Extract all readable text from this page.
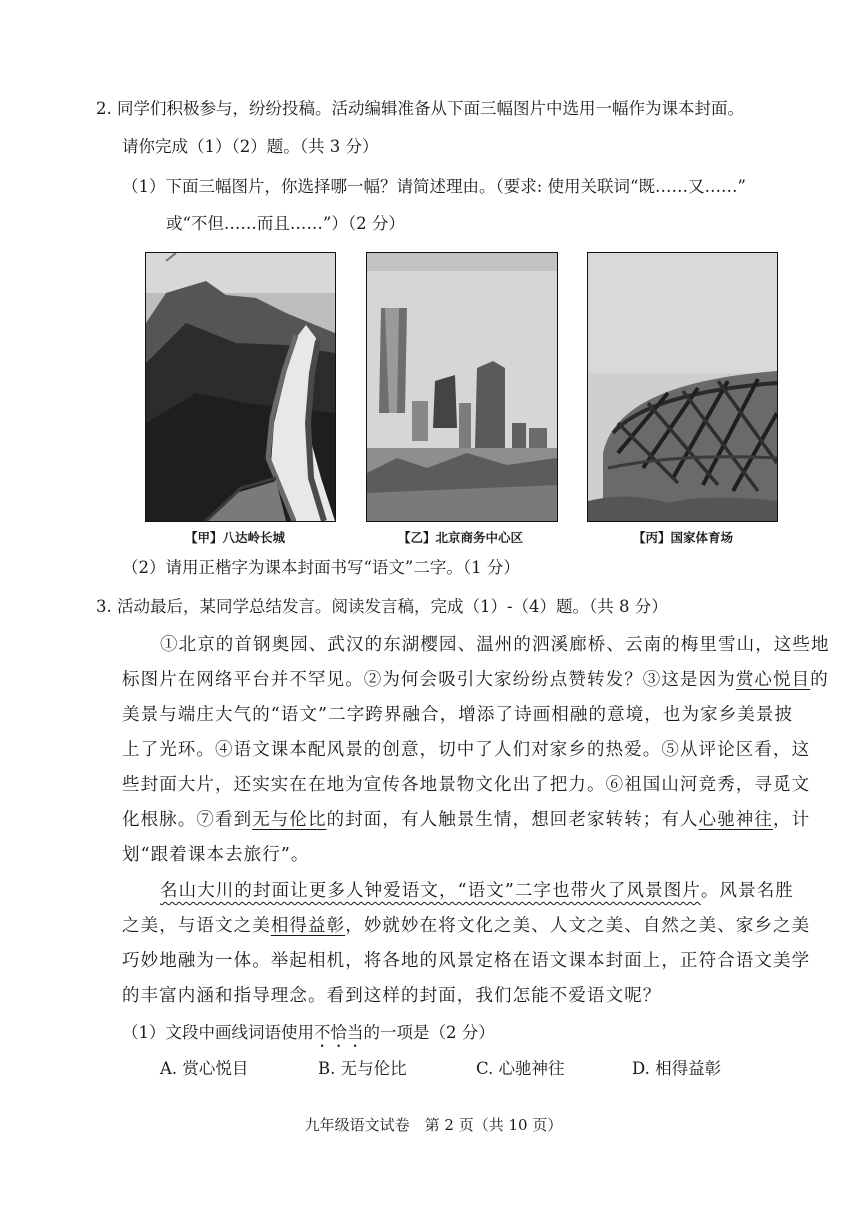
2. 同学们积极参与，纷纷投稿。活动编辑准备从下面三幅图片中选用一幅作为课本封面。
请你完成（1）（2）题。（共 3 分）
（1）下面三幅图片，你选择哪一幅？请简述理由。（要求: 使用关联词“既……又……”
或“不但……而且……”）（2 分）
【甲】八达岭长城	【乙】北京商务中心区	【丙】国家体育场
（2）请用正楷字为课本封面书写“语文”二字。（1 分）
3. 活动最后，某同学总结发言。阅读发言稿，完成（1）-（4）题。（共 8 分）
①北京的首钢奥园、武汉的东湖樱园、温州的泗溪廊桥、云南的梅里雪山，这些地
标图片在网络平台并不罕见。②为何会吸引大家纷纷点赞转发？③这是因为赏心悦目的
美景与端庄大气的“语文”二字跨界融合，增添了诗画相融的意境，也为家乡美景披
上了光环。④语文课本配风景的创意，切中了人们对家乡的热爱。⑤从评论区看，这
些封面大片，还实实在在地为宣传各地景物文化出了把力。⑥祖国山河竞秀，寻觅文
化根脉。⑦看到无与伦比的封面，有人触景生情，想回老家转转；有人心驰神往，计
划“跟着课本去旅行”。
名山大川的封面让更多人钟爱语文，“语文”二字也带火了风景图片。风景名胜
之美，与语文之美相得益彰，妙就妙在将文化之美、人文之美、自然之美、家乡之美
巧妙地融为一体。举起相机，将各地的风景定格在语文课本封面上，正符合语文美学
的丰富内涵和指导理念。看到这样的封面，我们怎能不爱语文呢？
（1）文段中画线词语使用不恰当的一项是（2 分）
A. 赏心悦目	B. 无与伦比	C. 心驰神往	D. 相得益彰
九年级语文试卷　第 2 页（共 10 页）
